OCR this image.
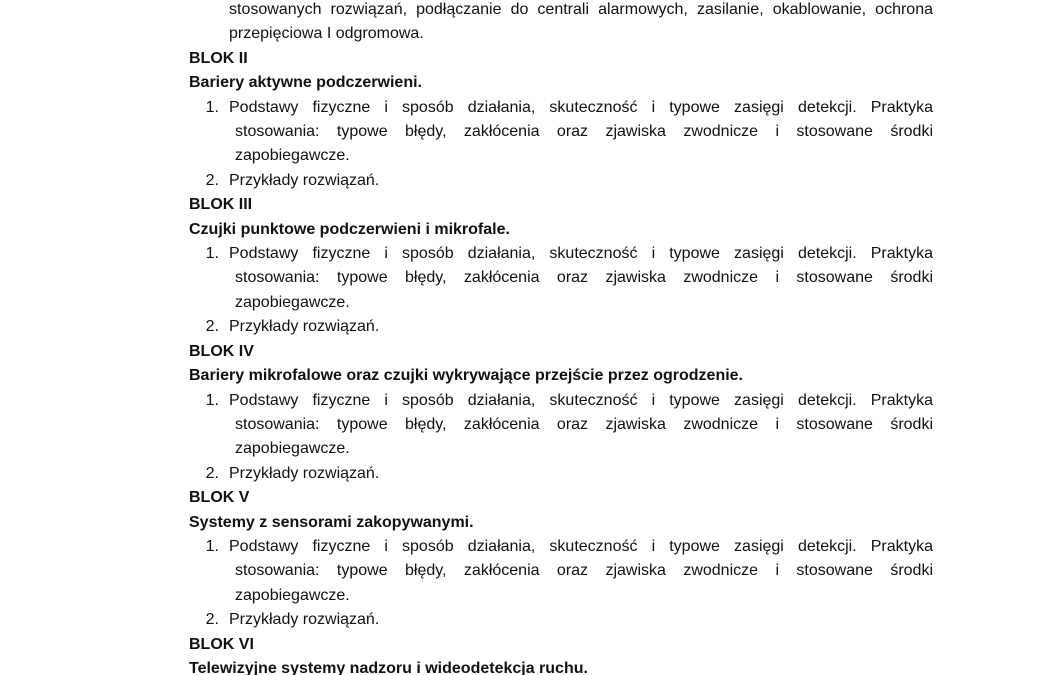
stosowanych rozwiązań, podłączanie do centrali alarmowych, zasilanie, okablowanie, ochrona przepięciowa I odgromowa.

BLOK II

Bariery aktywne podczerwieni.

1. Podstawy fizyczne i sposób działania, skuteczność i typowe zasięgi detekcji. Praktyka
stosowania: typowe błędy, zakłócenia oraz zjawiska zwodnicze i stosowane środki zapobiegawcze.
2. Przykłady rozwiązań.

BLOK III

Czujki punktowe podczerwieni i mikrofale.

1. Podstawy fizyczne i sposób działania, skuteczność i typowe zasięgi detekcji. Praktyka
stosowania: typowe błędy, zakłócenia oraz zjawiska zwodnicze i stosowane środki zapobiegawcze.
2. Przykłady rozwiązań.

BLOK IV

Bariery mikrofalowe oraz czujki wykrywające przejście przez ogrodzenie.

1. Podstawy fizyczne i sposób działania, skuteczność i typowe zasięgi detekcji. Praktyka
stosowania: typowe błędy, zakłócenia oraz zjawiska zwodnicze i stosowane środki zapobiegawcze.
2. Przykłady rozwiązań.

BLOK V

Systemy z sensorami zakopywanymi.

1. Podstawy fizyczne i sposób działania, skuteczność i typowe zasięgi detekcji. Praktyka
stosowania: typowe błędy, zakłócenia oraz zjawiska zwodnicze i stosowane środki zapobiegawcze.
2. Przykłady rozwiązań.

BLOK VI

Telewizyjne systemy nadzoru i wideodetekcja ruchu.
